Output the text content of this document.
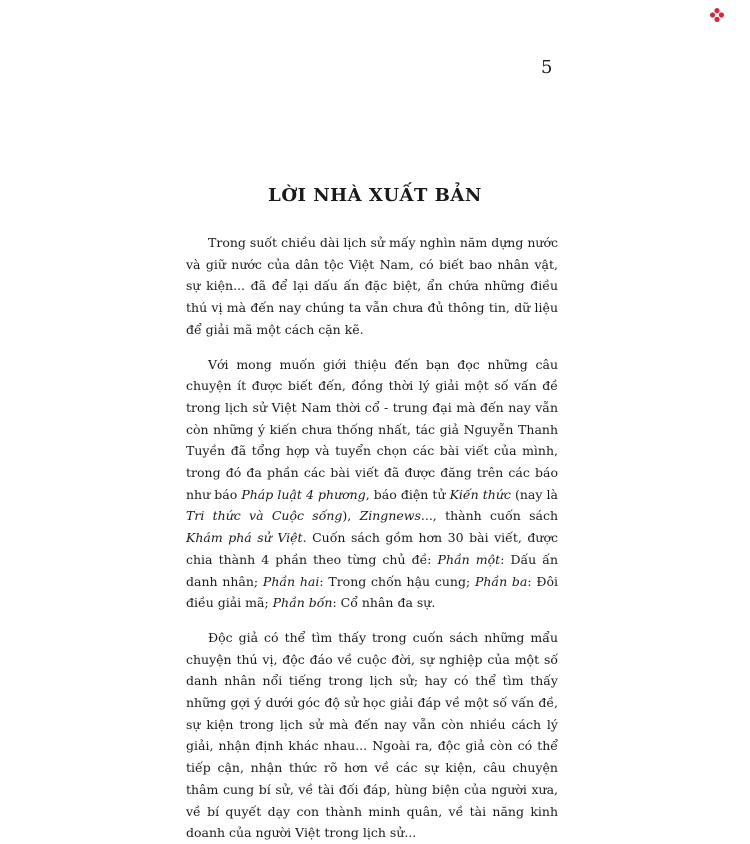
5
LỜI NHÀ XUẤT BẢN

Trong suốt chiều dài lịch sử mấy nghìn năm dựng nước và giữ nước của dân tộc Việt Nam, có biết bao nhân vật, sự kiện... đã để lại dấu ấn đặc biệt, ẩn chứa những điều thú vị mà đến nay chúng ta vẫn chưa đủ thông tin, dữ liệu để giải mã một cách cặn kẽ.

Với mong muốn giới thiệu đến bạn đọc những câu chuyện ít được biết đến, đồng thời lý giải một số vấn đề trong lịch sử Việt Nam thời cổ - trung đại mà đến nay vẫn còn những ý kiến chưa thống nhất, tác giả Nguyễn Thanh Tuyền đã tổng hợp và tuyển chọn các bài viết của mình, trong đó đa phần các bài viết đã được đăng trên các báo như báo Pháp luật 4 phương, báo điện tử Kiến thức (nay là Tri thức và Cuộc sống), Zingnews..., thành cuốn sách Khám phá sử Việt. Cuốn sách gồm hơn 30 bài viết, được chia thành 4 phần theo từng chủ đề: Phần một: Dấu ấn danh nhân; Phần hai: Trong chốn hậu cung; Phần ba: Đôi điều giải mã; Phần bốn: Cổ nhân đa sự.

Độc giả có thể tìm thấy trong cuốn sách những mẩu chuyện thú vị, độc đáo về cuộc đời, sự nghiệp của một số danh nhân nổi tiếng trong lịch sử; hay có thể tìm thấy những gợi ý dưới góc độ sử học giải đáp về một số vấn đề, sự kiện trong lịch sử mà đến nay vẫn còn nhiều cách lý giải, nhận định khác nhau... Ngoài ra, độc giả còn có thể tiếp cận, nhận thức rõ hơn về các sự kiện, câu chuyện thâm cung bí sử, về tài đối đáp, hùng biện của người xưa, về bí quyết dạy con thành minh quân, về tài năng kinh doanh của người Việt trong lịch sử...
